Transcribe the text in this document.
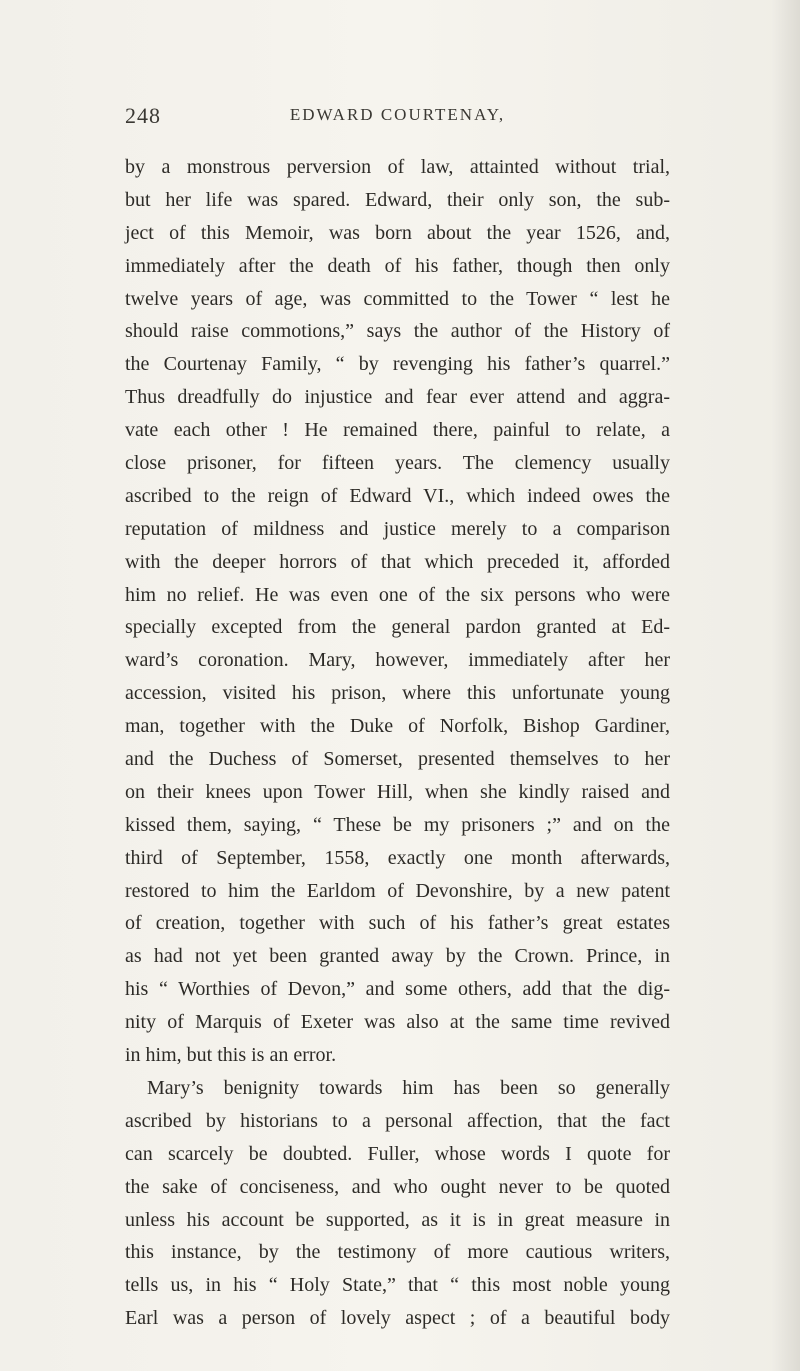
248	EDWARD COURTENAY,
by a monstrous perversion of law, attainted without trial,
but her life was spared. Edward, their only son, the sub-
ject of this Memoir, was born about the year 1526, and,
immediately after the death of his father, though then only
twelve years of age, was committed to the Tower “ lest he
should raise commotions,” says the author of the History of
the Courtenay Family, “ by revenging his father’s quarrel.”
Thus dreadfully do injustice and fear ever attend and aggra-
vate each other ! He remained there, painful to relate, a
close prisoner, for fifteen years. The clemency usually
ascribed to the reign of Edward VI., which indeed owes the
reputation of mildness and justice merely to a comparison
with the deeper horrors of that which preceded it, afforded
him no relief. He was even one of the six persons who were
specially excepted from the general pardon granted at Ed-
ward’s coronation. Mary, however, immediately after her
accession, visited his prison, where this unfortunate young
man, together with the Duke of Norfolk, Bishop Gardiner,
and the Duchess of Somerset, presented themselves to her
on their knees upon Tower Hill, when she kindly raised and
kissed them, saying, “ These be my prisoners ;” and on the
third of September, 1558, exactly one month afterwards,
restored to him the Earldom of Devonshire, by a new patent
of creation, together with such of his father’s great estates
as had not yet been granted away by the Crown. Prince, in
his “ Worthies of Devon,” and some others, add that the dig-
nity of Marquis of Exeter was also at the same time revived
in him, but this is an error.
Mary’s benignity towards him has been so generally
ascribed by historians to a personal affection, that the fact
can scarcely be doubted. Fuller, whose words I quote for
the sake of conciseness, and who ought never to be quoted
unless his account be supported, as it is in great measure in
this instance, by the testimony of more cautious writers,
tells us, in his “ Holy State,” that “ this most noble young
Earl was a person of lovely aspect ; of a beautiful body
